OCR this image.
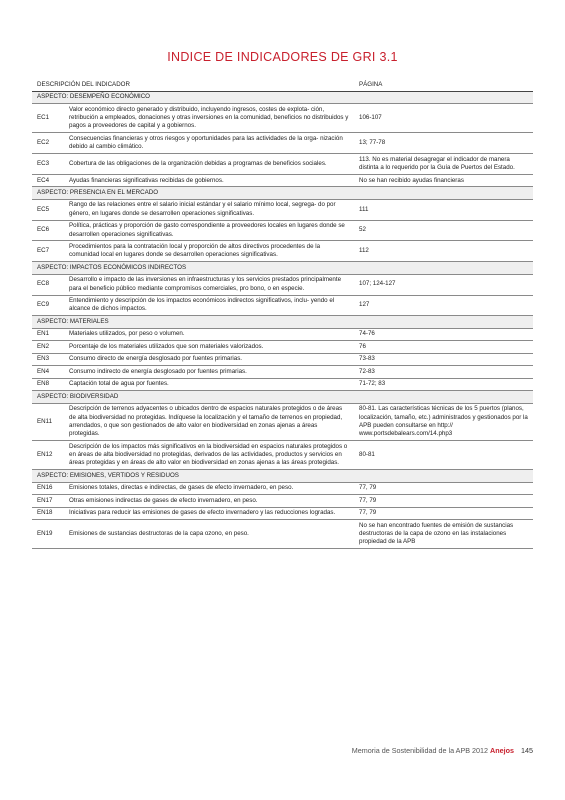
INDICE DE INDICADORES DE GRI 3.1
DESCRIPCIÓN DEL INDICADOR		PÁGINA
ASPECTO: DESEMPEÑO ECONÓMICO		
EC1	Valor económico directo generado y distribuido, incluyendo ingresos, costes de explota- ción, retribución a empleados, donaciones y otras inversiones en la comunidad, beneficios no distribuidos y pagos a proveedores de capital y a gobiernos.	106-107
EC2	Consecuencias financieras y otros riesgos y oportunidades para las actividades de la orga- nización debido al cambio climático.	13; 77-78
EC3	Cobertura de las obligaciones de la organización debidas a programas de beneficios sociales.	113. No es material desagregar el indicador de manera distinta a lo requerido por la Guía de Puertos del Estado.
EC4	Ayudas financieras significativas recibidas de gobiernos.	No se han recibido ayudas financieras
ASPECTO: PRESENCIA EN EL MERCADO		
EC5	Rango de las relaciones entre el salario inicial estándar y el salario mínimo local, segrega- do por género, en lugares donde se desarrollen operaciones significativas.	111
EC6	Política, prácticas y proporción de gasto correspondiente a proveedores locales en lugares donde se desarrollen operaciones significativas.	52
EC7	Procedimientos para la contratación local y proporción de altos directivos procedentes de la comunidad local en lugares donde se desarrollen operaciones significativas.	112
ASPECTO: IMPACTOS ECONÓMICOS INDIRECTOS		
EC8	Desarrollo e impacto de las inversiones en infraestructuras y los servicios prestados principalmente para el beneficio público mediante compromisos comerciales, pro bono, o en especie.	107; 124-127
EC9	Entendimiento y descripción de los impactos económicos indirectos significativos, inclu- yendo el alcance de dichos impactos.	127
ASPECTO: MATERIALES		
EN1	Materiales utilizados, por peso o volumen.	74-76
EN2	Porcentaje de los materiales utilizados que son materiales valorizados.	76
EN3	Consumo directo de energía desglosado por fuentes primarias.	73-83
EN4	Consumo indirecto de energía desglosado por fuentes primarias.	72-83
EN8	Captación total de agua por fuentes.	71-72; 83
ASPECTO: BIODIVERSIDAD		
EN11	Descripción de terrenos adyacentes o ubicados dentro de espacios naturales protegidos o de áreas de alta biodiversidad no protegidas. Indíquese la localización y el tamaño de terrenos en propiedad, arrendados, o que son gestionados de alto valor en biodiversidad en zonas ajenas a áreas protegidas.	80-81. Las características técnicas de los 5 puertos (planos, localización, tamaño, etc.) administrados y gestionados por la APB pueden consultarse en http:// www.portsdebalears.com/14.php3
EN12	Descripción de los impactos más significativos en la biodiversidad en espacios naturales protegidos o en áreas de alta biodiversidad no protegidas, derivados de las actividades, productos y servicios en áreas protegidas y en áreas de alto valor en biodiversidad en zonas ajenas a las áreas protegidas.	80-81
ASPECTO: EMISIONES, VERTIDOS Y RESIDUOS		
EN16	Emisiones totales, directas e indirectas, de gases de efecto invernadero, en peso.	77, 79
EN17	Otras emisiones indirectas de gases de efecto invernadero, en peso.	77, 79
EN18	Iniciativas para reducir las emisiones de gases de efecto invernadero y las reducciones logradas.	77, 79
EN19	Emisiones de sustancias destructoras de la capa ozono, en peso.	No se han encontrado fuentes de emisión de sustancias destructoras de la capa de ozono en las instalaciones propiedad de la APB
Memoria de Sostenibilidad de la APB 2012 Anejos 145
